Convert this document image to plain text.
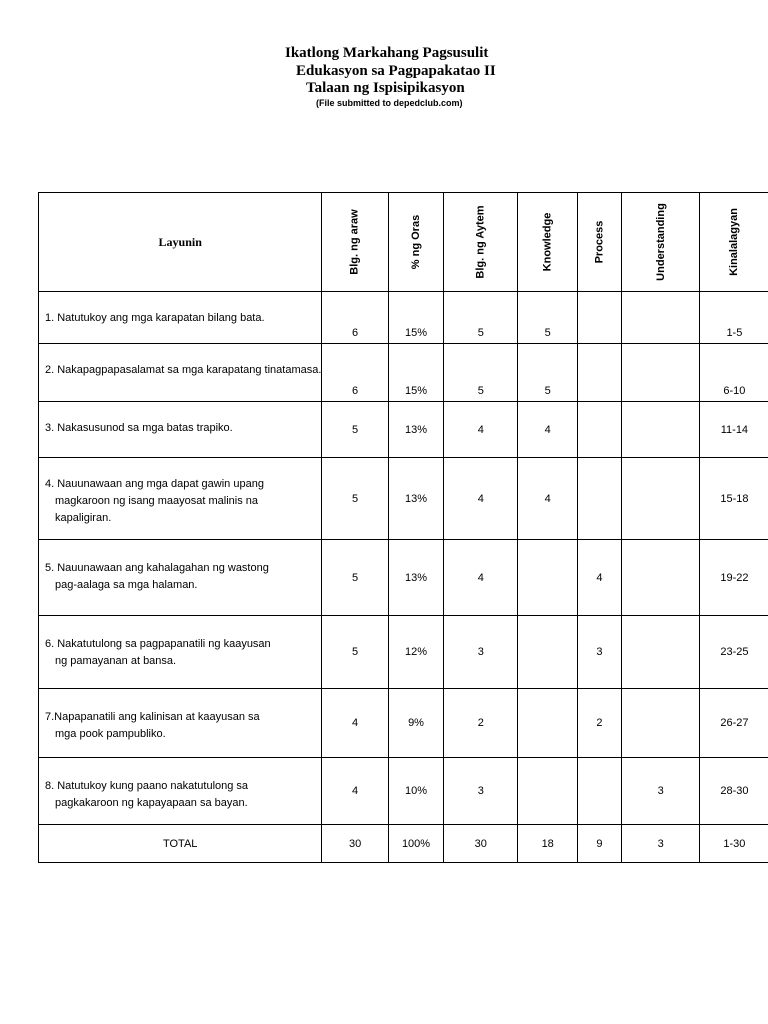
Ikatlong Markahang Pagsusulit
Edukasyon sa Pagpapakatao II
Talaan ng Ispisipikasyon
(File submitted to depedclub.com)
Layunin	Blg. ng araw	% ng Oras	Blg. ng Aytem	Knowledge	Process	Understanding	Kinalalagyan

1. Natutukoy ang mga karapatan bilang bata.	6	15%	5	5			1-5

2. Nakapagpapasalamat sa mga karapatang tinatamasa.	6	15%	5	5			6-10

3. Nakasusunod sa mga batas trapiko.	5	13%	4	4			11-14

4. Nauunawaan ang mga dapat gawin upang
magkaroon ng isang maayosat malinis na
kapaligiran.	5	13%	4	4			15-18

5. Nauunawaan ang kahalagahan ng wastong
pag-aalaga sa mga halaman.	5	13%	4		4		19-22

6. Nakatutulong sa pagpapanatili ng kaayusan
ng pamayanan at bansa.	5	12%	3		3		23-25

7.Napapanatili ang kalinisan at kaayusan sa
mga pook pampubliko.	4	9%	2		2		26-27

8. Natutukoy kung paano nakatutulong sa
pagkakaroon ng kapayapaan sa bayan.	4	10%	3			3	28-30
TOTAL	30	100%	30	18	9	3	1-30
